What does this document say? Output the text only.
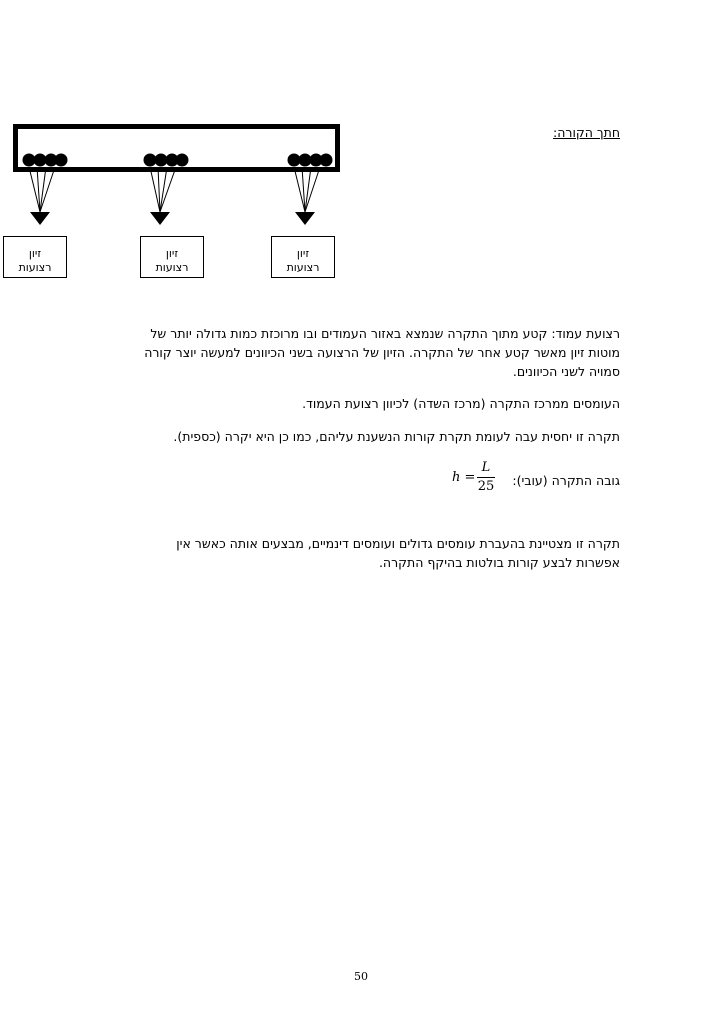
חתך הקורה:
זיון
רצועות
זיון
רצועות
זיון
רצועות
רצועת עמוד: קטע מתוך התקרה שנמצא באזור העמודים ובו מרוכזת כמות גדולה יותר של
מוטות זיון מאשר קטע אחר של התקרה. הזיון של הרצועה בשני הכיוונים למעשה יוצר קורה
סמויה לשני הכיוונים.
העומסים ממרכז התקרה (מרכז השדה) לכיוון רצועת העמוד.
תקרה זו יחסית עבה לעומת תקרת קורות הנשענת עליהם, כמו כן היא יקרה (כספית).
גובה התקרה (עובי):
h =
L
25
תקרה זו מצטיינת בהעברת עומסים גדולים ועומסים דינמיים, מבצעים אותה כאשר אין
אפשרות לבצע קורות בולטות בהיקף התקרה.
50
